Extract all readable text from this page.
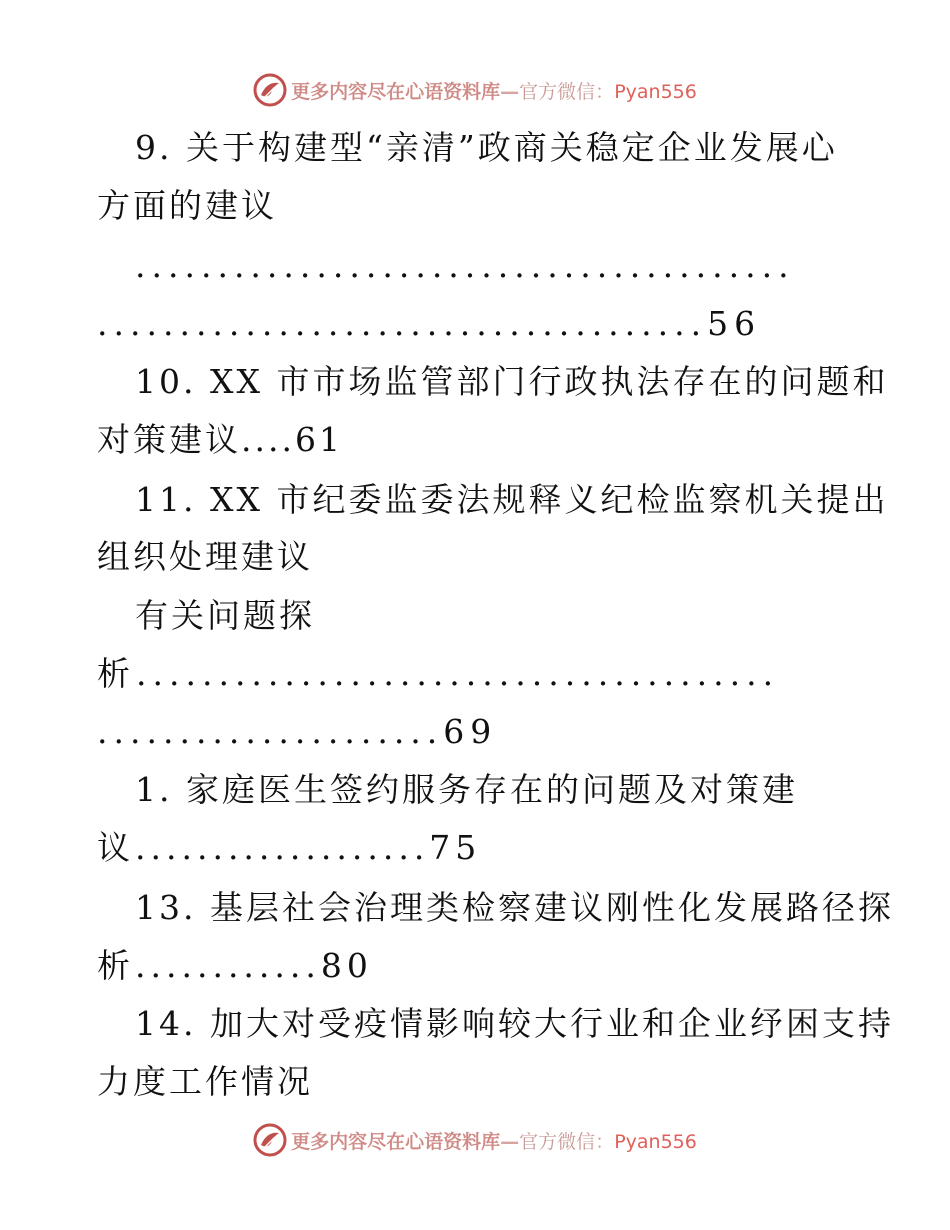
更多内容尽在心语资料库—官方微信：Pyan556
9. 关于构建型“亲清”政商关稳定企业发展心
方面的建议
........................................
.....................................56
10. XX 市市场监管部门行政执法存在的问题和
对策建议....61
11. XX 市纪委监委法规释义纪检监察机关提出
组织处理建议
有关问题探
析.......................................
.....................69
1. 家庭医生签约服务存在的问题及对策建
议...................75
13. 基层社会治理类检察建议刚性化发展路径探
析............80
14. 加大对受疫情影响较大行业和企业纾困支持
力度工作情况
更多内容尽在心语资料库—官方微信：Pyan556
